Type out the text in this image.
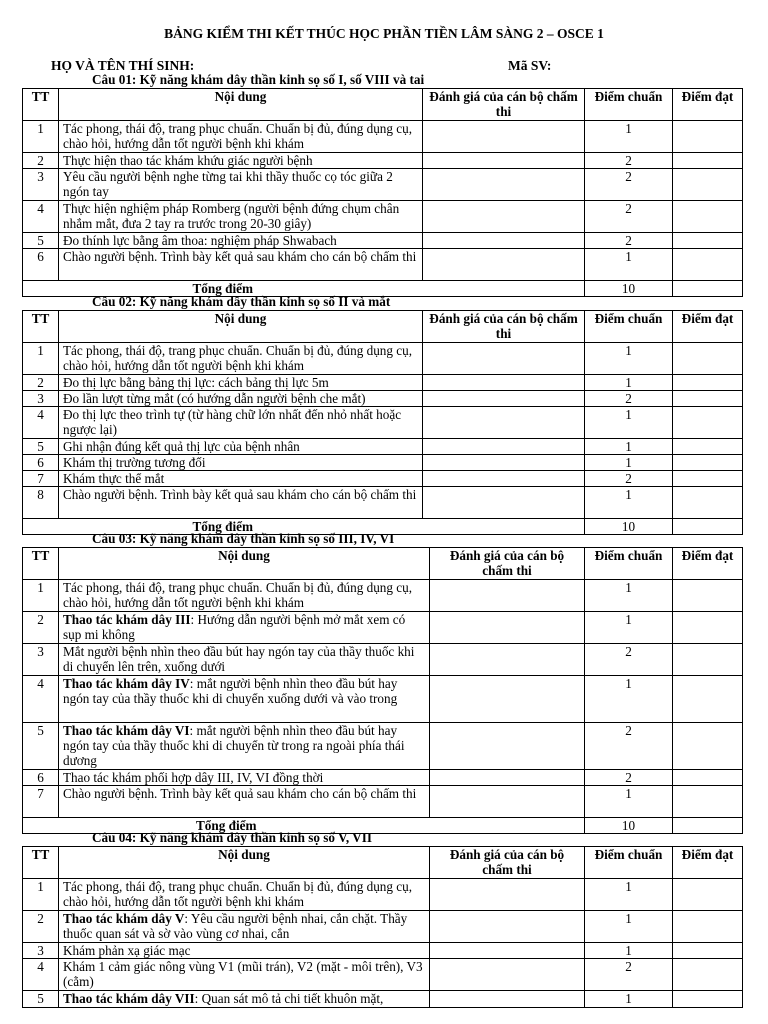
BẢNG KIỂM THI KẾT THÚC HỌC PHẦN TIỀN LÂM SÀNG 2 – OSCE 1
HỌ VÀ TÊN THÍ SINH:	Mã SV:
Câu 01: Kỹ năng khám dây thần kinh sọ số I, số VIII và tai
TT	Nội dung	Đánh giá của cán bộ chấm thi	Điểm chuẩn	Điểm đạt
1	Tác phong, thái độ, trang phục chuẩn. Chuẩn bị đủ, đúng dụng cụ, chào hỏi, hướng dẫn tốt người bệnh khi khám		1	
2	Thực hiện thao tác khám khứu giác người bệnh		2	
3	Yêu cầu người bệnh nghe từng tai khi thầy thuốc cọ tóc giữa 2 ngón tay		2	
4	Thực hiện nghiệm pháp Romberg (người bệnh đứng chụm chân nhắm mắt, đưa 2 tay ra trước trong 20-30 giây)		2	
5	Đo thính lực bằng âm thoa: nghiệm pháp Shwabach		2	
6	Chào người bệnh. Trình bày kết quả sau khám cho cán bộ chấm thi		1	
Tổng điểm			10	
Câu 02: Kỹ năng khám dây thần kinh sọ số II và mắt
TT	Nội dung	Đánh giá của cán bộ chấm thi	Điểm chuẩn	Điểm đạt
1	Tác phong, thái độ, trang phục chuẩn. Chuẩn bị đủ, đúng dụng cụ, chào hỏi, hướng dẫn tốt người bệnh khi khám		1	
2	Đo thị lực bằng bảng thị lực: cách bảng thị lực 5m		1	
3	Đo lần lượt từng mắt (có hướng dẫn người bệnh che mắt)		2	
4	Đo thị lực theo trình tự (từ hàng chữ lớn nhất đến nhỏ nhất hoặc ngược lại)		1	
5	Ghi nhận đúng kết quả thị lực của bệnh nhân		1	
6	Khám thị trường tương đối		1	
7	Khám thực thể mắt		2	
8	Chào người bệnh. Trình bày kết quả sau khám cho cán bộ chấm thi		1	
Tổng điểm			10	
Câu 03: Kỹ năng khám dây thần kinh sọ số III, IV, VI
TT	Nội dung	Đánh giá của cán bộ chấm thi	Điểm chuẩn	Điểm đạt
1	Tác phong, thái độ, trang phục chuẩn. Chuẩn bị đủ, đúng dụng cụ, chào hỏi, hướng dẫn tốt người bệnh khi khám		1	
2	Thao tác khám dây III: Hướng dẫn người bệnh mở mắt xem có sụp mi không		1	
3	Mắt người bệnh nhìn theo đầu bút hay ngón tay của thầy thuốc khi di chuyển lên trên, xuống dưới		2	
4	Thao tác khám dây IV: mắt người bệnh nhìn theo đầu bút hay ngón tay của thầy thuốc khi di chuyển xuống dưới và vào trong		1	
5	Thao tác khám dây VI: mắt người bệnh nhìn theo đầu bút hay ngón tay của thầy thuốc khi di chuyển từ trong ra ngoài phía thái dương		2	
6	Thao tác khám phối hợp dây III, IV, VI đồng thời		2	
7	Chào người bệnh. Trình bày kết quả sau khám cho cán bộ chấm thi		1	
Tổng điểm			10	
Câu 04: Kỹ năng khám dây thần kinh sọ số V, VII
TT	Nội dung	Đánh giá của cán bộ chấm thi	Điểm chuẩn	Điểm đạt
1	Tác phong, thái độ, trang phục chuẩn. Chuẩn bị đủ, đúng dụng cụ, chào hỏi, hướng dẫn tốt người bệnh khi khám		1	
2	Thao tác khám dây V: Yêu cầu người bệnh nhai, cắn chặt. Thầy thuốc quan sát và sờ vào vùng cơ nhai, cắn		1	
3	Khám phản xạ giác mạc		1	
4	Khám 1 cảm giác nông vùng V1 (mũi trán), V2 (mặt - môi trên), V3 (cằm)		2	
5	Thao tác khám dây VII: Quan sát mô tả chi tiết khuôn mặt,		1	
